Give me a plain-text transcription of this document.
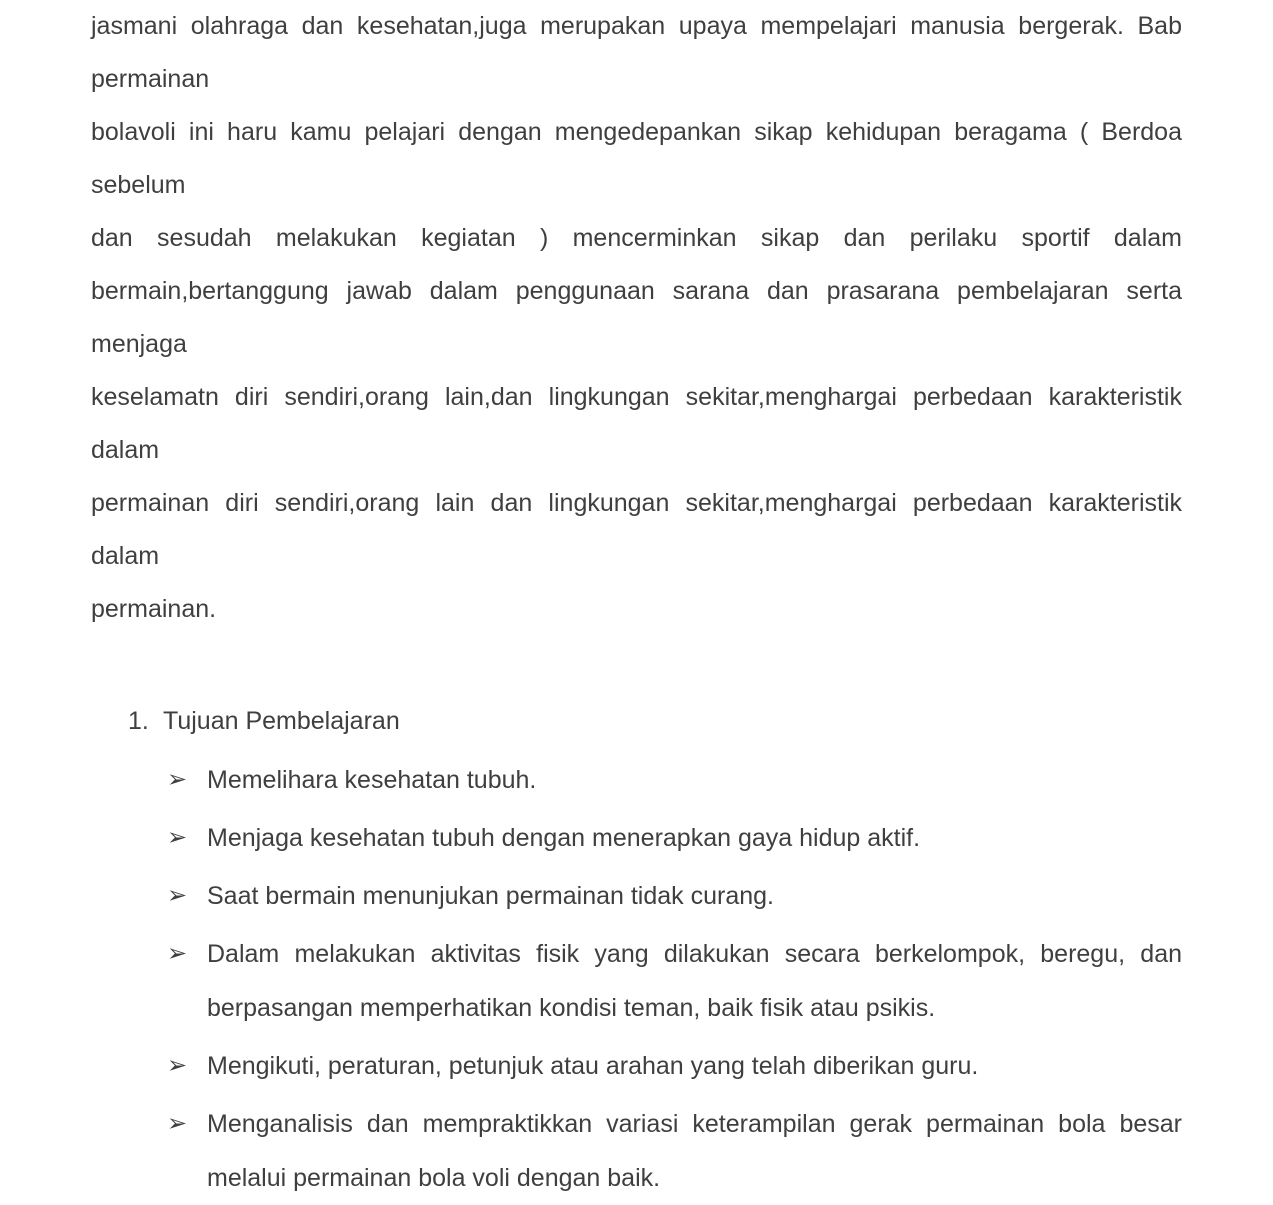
jasmani olahraga dan kesehatan,juga merupakan upaya mempelajari manusia bergerak. Bab permainan
bolavoli ini haru kamu pelajari dengan mengedepankan sikap kehidupan beragama ( Berdoa sebelum
dan sesudah melakukan kegiatan ) mencerminkan sikap dan perilaku sportif dalam
bermain,bertanggung jawab dalam penggunaan sarana dan prasarana pembelajaran serta menjaga
keselamatn diri sendiri,orang lain,dan lingkungan sekitar,menghargai perbedaan karakteristik dalam
permainan diri sendiri,orang lain dan lingkungan sekitar,menghargai perbedaan karakteristik dalam
permainan.
1. Tujuan Pembelajaran
➢ Memelihara kesehatan tubuh.
➢ Menjaga kesehatan tubuh dengan menerapkan gaya hidup aktif.
➢ Saat bermain menunjukan permainan tidak curang.
➢ Dalam melakukan aktivitas fisik yang dilakukan secara berkelompok, beregu, dan berpasangan memperhatikan kondisi teman, baik fisik atau psikis.
➢ Mengikuti, peraturan, petunjuk atau arahan yang telah diberikan guru.
➢ Menganalisis dan mempraktikkan variasi keterampilan gerak permainan bola besar melalui permainan bola voli dengan baik.
